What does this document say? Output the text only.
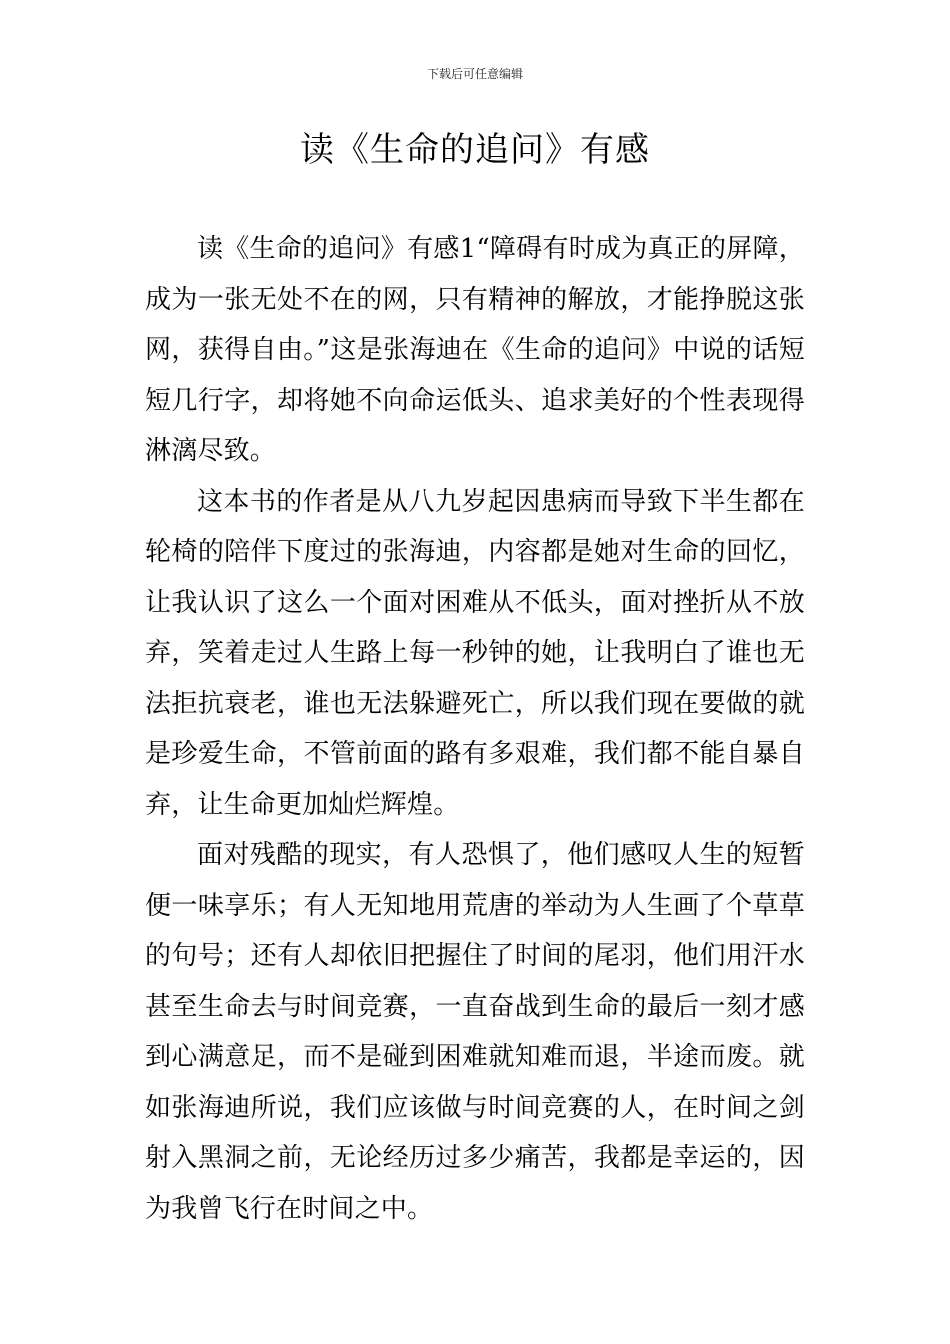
下载后可任意编辑
读《生命的追问》有感

读《生命的追问》有感1“障碍有时成为真正的屏障，成为一张无处不在的网，只有精神的解放，才能挣脱这张网，获得自由。”这是张海迪在《生命的追问》中说的话短短几行字，却将她不向命运低头、追求美好的个性表现得淋漓尽致。

这本书的作者是从八九岁起因患病而导致下半生都在轮椅的陪伴下度过的张海迪，内容都是她对生命的回忆，让我认识了这么一个面对困难从不低头，面对挫折从不放弃，笑着走过人生路上每一秒钟的她，让我明白了谁也无法拒抗衰老，谁也无法躲避死亡，所以我们现在要做的就是珍爱生命，不管前面的路有多艰难，我们都不能自暴自弃，让生命更加灿烂辉煌。

面对残酷的现实，有人恐惧了，他们感叹人生的短暂便一味享乐；有人无知地用荒唐的举动为人生画了个草草的句号；还有人却依旧把握住了时间的尾羽，他们用汗水甚至生命去与时间竞赛，一直奋战到生命的最后一刻才感到心满意足，而不是碰到困难就知难而退，半途而废。就如张海迪所说，我们应该做与时间竞赛的人，在时间之剑射入黑洞之前，无论经历过多少痛苦，我都是幸运的，因为我曾飞行在时间之中。
